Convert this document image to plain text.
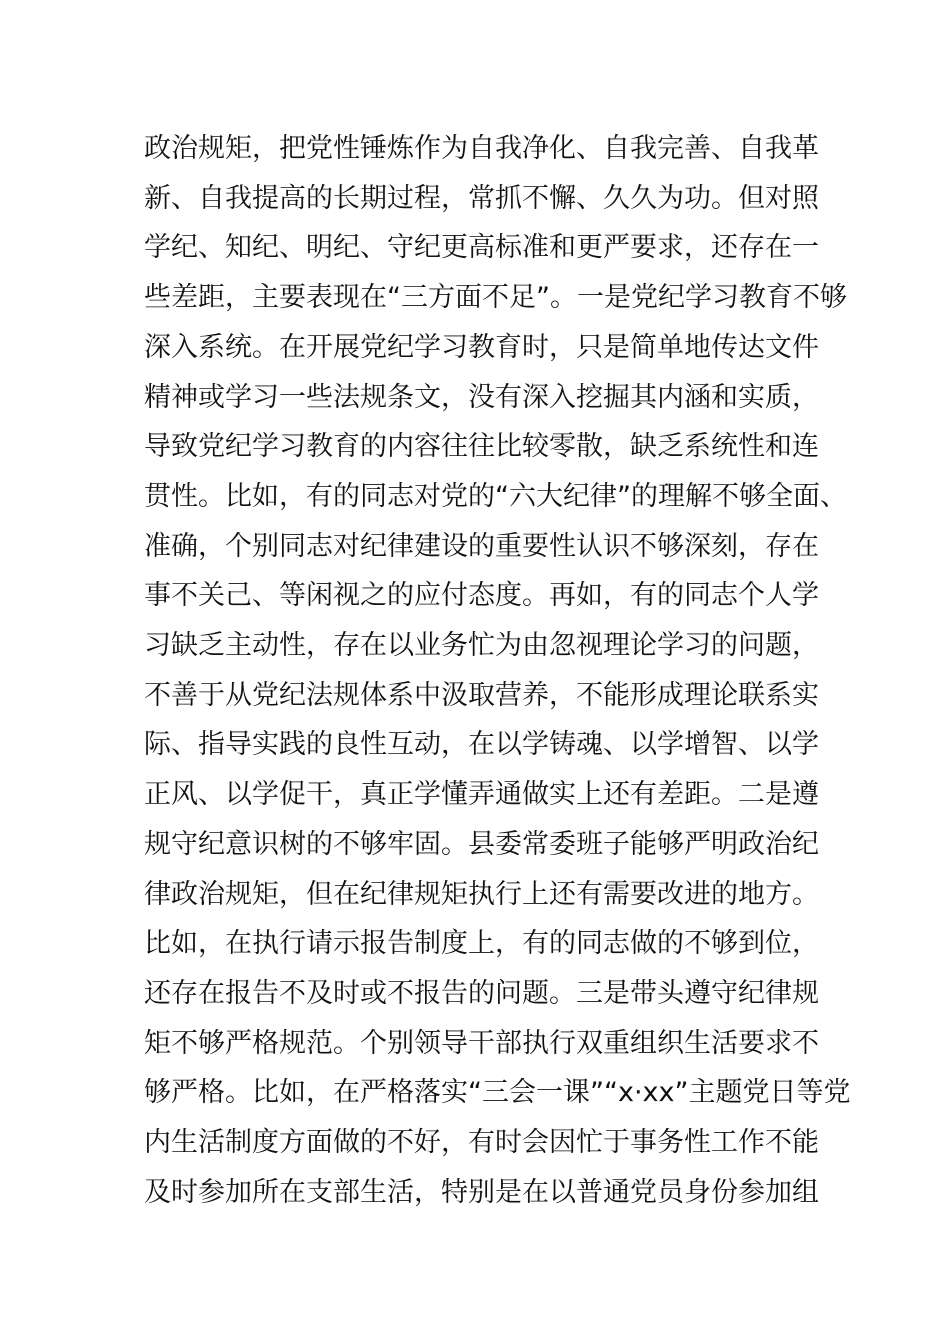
政治规矩，把党性锤炼作为自我净化、自我完善、自我革
新、自我提高的长期过程，常抓不懈、久久为功。但对照
学纪、知纪、明纪、守纪更高标准和更严要求，还存在一
些差距，主要表现在“三方面不足”。一是党纪学习教育不够
深入系统。在开展党纪学习教育时，只是简单地传达文件
精神或学习一些法规条文，没有深入挖掘其内涵和实质，
导致党纪学习教育的内容往往比较零散，缺乏系统性和连
贯性。比如，有的同志对党的“六大纪律”的理解不够全面、
准确，个别同志对纪律建设的重要性认识不够深刻，存在
事不关己、等闲视之的应付态度。再如，有的同志个人学
习缺乏主动性，存在以业务忙为由忽视理论学习的问题，
不善于从党纪法规体系中汲取营养，不能形成理论联系实
际、指导实践的良性互动，在以学铸魂、以学增智、以学
正风、以学促干，真正学懂弄通做实上还有差距。二是遵
规守纪意识树的不够牢固。县委常委班子能够严明政治纪
律政治规矩，但在纪律规矩执行上还有需要改进的地方。
比如，在执行请示报告制度上，有的同志做的不够到位，
还存在报告不及时或不报告的问题。三是带头遵守纪律规
矩不够严格规范。个别领导干部执行双重组织生活要求不
够严格。比如，在严格落实“三会一课”“x·xx”主题党日等党
内生活制度方面做的不好，有时会因忙于事务性工作不能
及时参加所在支部生活，特别是在以普通党员身份参加组
